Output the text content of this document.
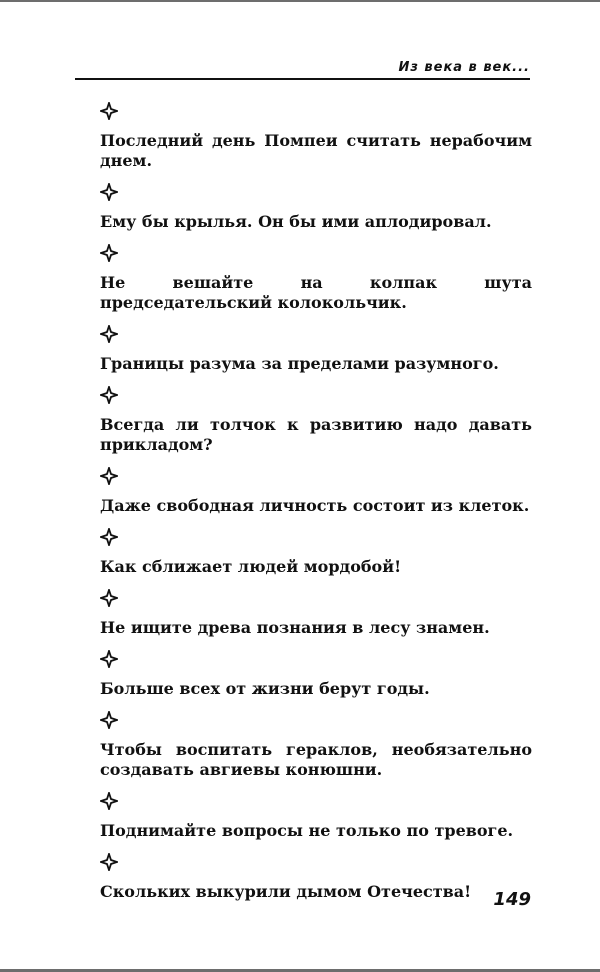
Из века в век...
Последний день Помпеи считать нерабочим днем.
Ему бы крылья. Он бы ими аплодировал.
Не вешайте на колпак шута председательский колокольчик.
Границы разума за пределами разумного.
Всегда ли толчок к развитию надо давать прикладом?
Даже свободная личность состоит из клеток.
Как сближает людей мордобой!
Не ищите древа познания в лесу знамен.
Больше всех от жизни берут годы.
Чтобы воспитать гераклов, необязательно создавать авгиевы конюшни.
Поднимайте вопросы не только по тревоге.
Скольких выкурили дымом Отечества!	149
